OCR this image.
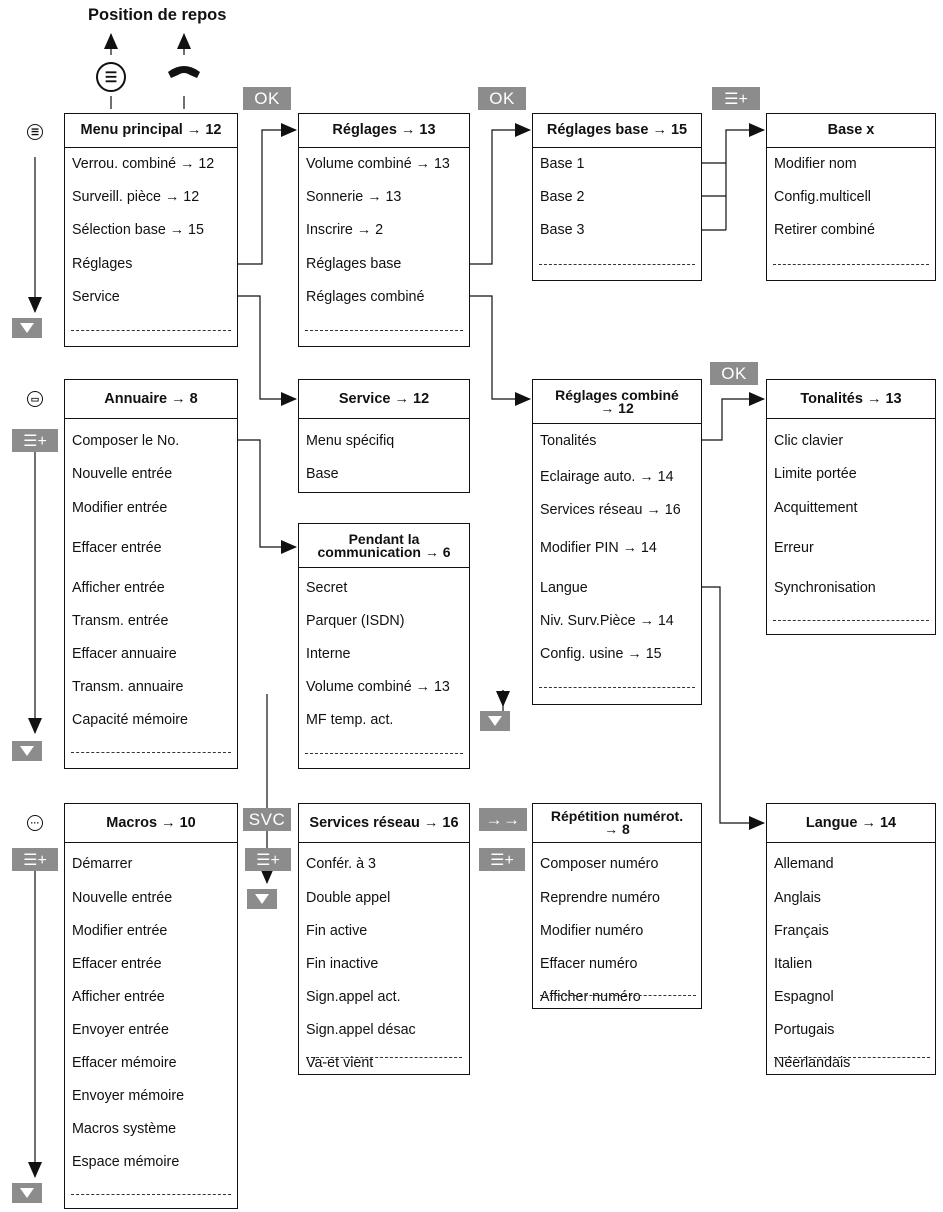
Position de repos
☰
☰
▭
···
☰+
☰+
☰+	☰+	☰+
OK	OK
OK
SVC	→→
Menu principal → 12
Verrou. combiné → 12
Surveill. pièce → 12
Sélection base → 15
Réglages
Service
Réglages → 13
Volume combiné → 13
Sonnerie → 13
Inscrire → 2
Réglages base
Réglages combiné
Réglages base → 15
Base 1
Base 2
Base 3
Base x
Modifier nom
Config.multicell
Retirer combiné
Annuaire → 8
Composer le No.
Nouvelle entrée
Modifier entrée
Effacer entrée
Afficher entrée
Transm. entrée
Effacer annuaire
Transm. annuaire
Capacité mémoire
Service → 12
Menu spécifiq
Base
Pendant la
communication → 6
Secret
Parquer (ISDN)
Interne
Volume combiné → 13
MF temp. act.
Réglages combiné
→ 12
Tonalités
Eclairage auto. → 14
Services réseau → 16
Modifier PIN → 14
Langue
Niv. Surv.Pièce → 14
Config. usine → 15
Tonalités → 13
Clic clavier
Limite portée
Acquittement
Erreur
Synchronisation
Macros → 10
Démarrer
Nouvelle entrée
Modifier entrée
Effacer entrée
Afficher entrée
Envoyer entrée
Effacer mémoire
Envoyer mémoire
Macros système
Espace mémoire
Services réseau → 16
Confér. à 3
Double appel
Fin active
Fin inactive
Sign.appel act.
Sign.appel désac
Va-et vient
Répétition numérot.
→ 8
Composer numéro
Reprendre numéro
Modifier numéro
Effacer numéro
Afficher numéro
Langue → 14
Allemand
Anglais
Français
Italien
Espagnol
Portugais
Néerlandais
